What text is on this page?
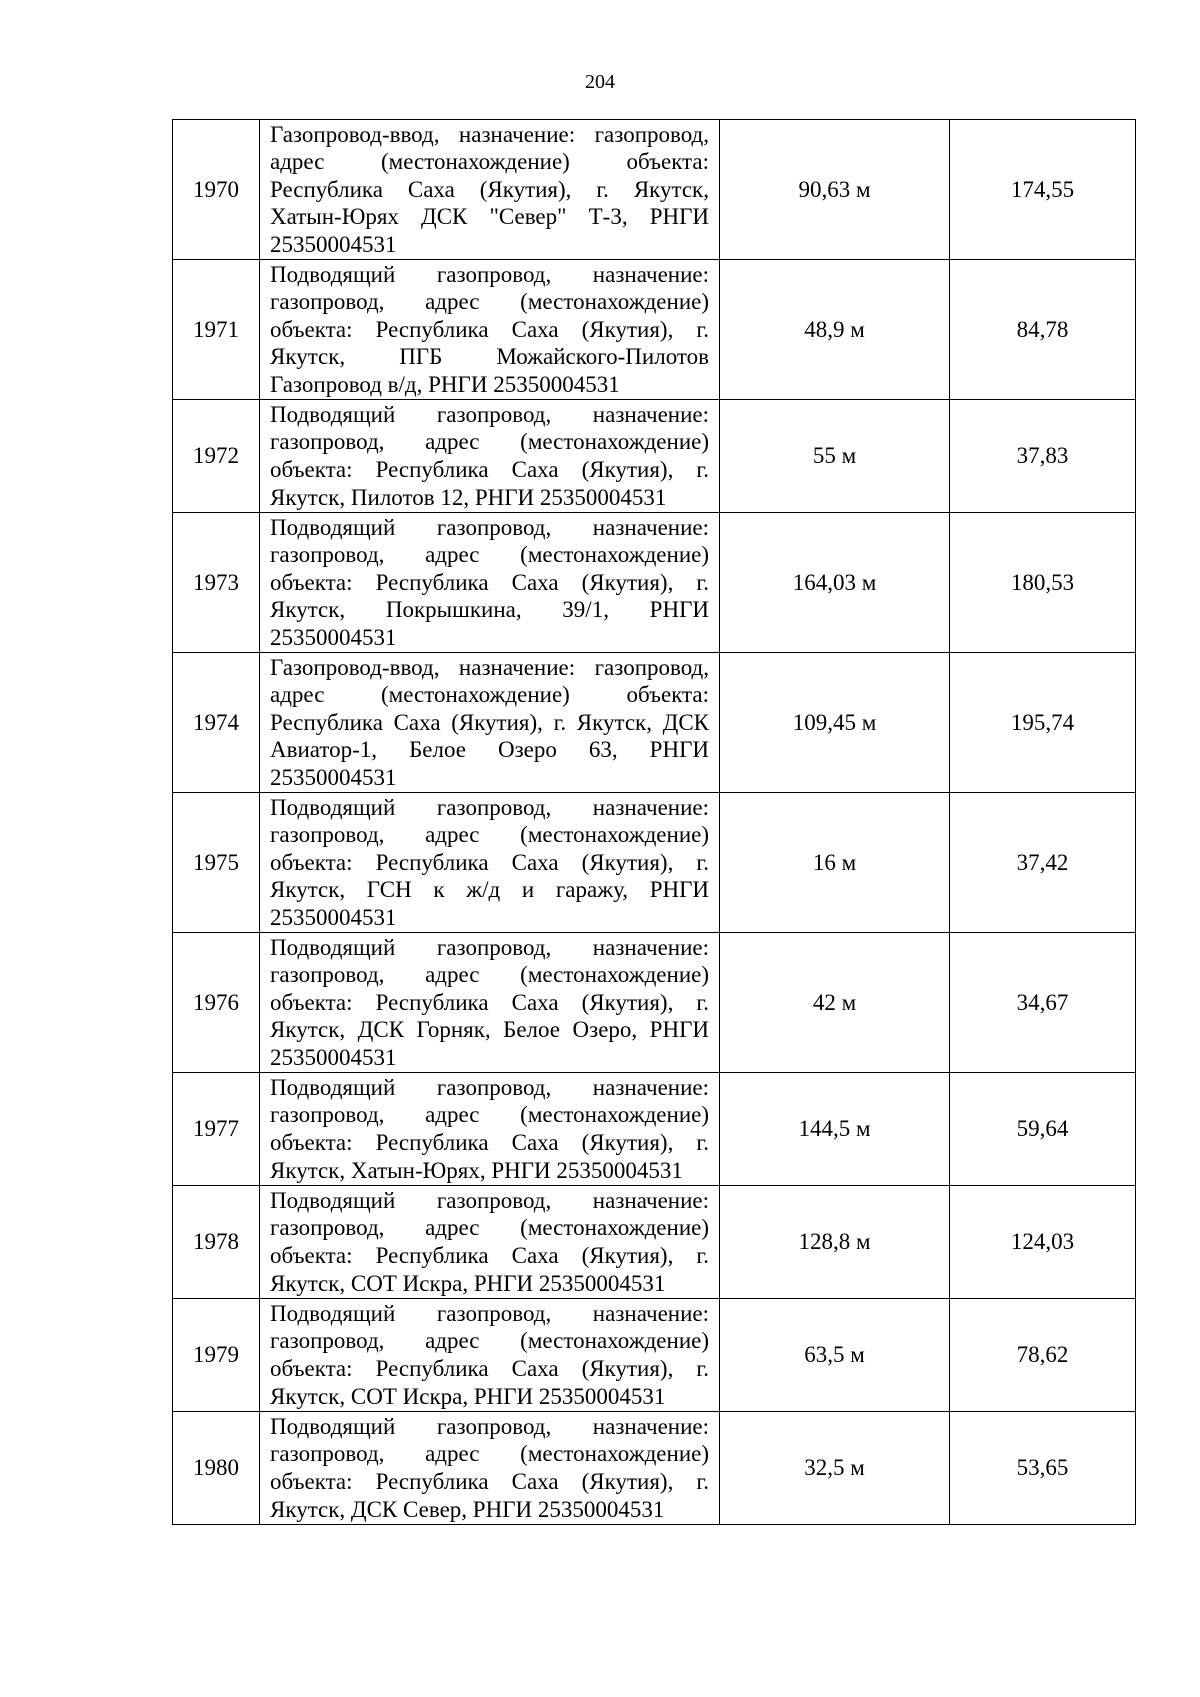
204
1970	Газопровод-ввод, назначение: газопровод, адрес (местонахождение) объекта: Республика Саха (Якутия), г. Якутск, Хатын-Юрях ДСК "Север" Т-3, РНГИ 25350004531	90,63 м	174,55
1971	Подводящий газопровод, назначение: газопровод, адрес (местонахождение) объекта: Республика Саха (Якутия), г. Якутск, ПГБ Можайского-Пилотов Газопровод в/д, РНГИ 25350004531	48,9 м	84,78
1972	Подводящий газопровод, назначение: газопровод, адрес (местонахождение) объекта: Республика Саха (Якутия), г. Якутск, Пилотов 12, РНГИ 25350004531	55 м	37,83
1973	Подводящий газопровод, назначение: газопровод, адрес (местонахождение) объекта: Республика Саха (Якутия), г. Якутск, Покрышкина, 39/1, РНГИ 25350004531	164,03 м	180,53
1974	Газопровод-ввод, назначение: газопровод, адрес (местонахождение) объекта: Республика Саха (Якутия), г. Якутск, ДСК Авиатор-1, Белое Озеро 63, РНГИ 25350004531	109,45 м	195,74
1975	Подводящий газопровод, назначение: газопровод, адрес (местонахождение) объекта: Республика Саха (Якутия), г. Якутск, ГСН к ж/д и гаражу, РНГИ 25350004531	16 м	37,42
1976	Подводящий газопровод, назначение: газопровод, адрес (местонахождение) объекта: Республика Саха (Якутия), г. Якутск, ДСК Горняк, Белое Озеро, РНГИ 25350004531	42 м	34,67
1977	Подводящий газопровод, назначение: газопровод, адрес (местонахождение) объекта: Республика Саха (Якутия), г. Якутск, Хатын-Юрях, РНГИ 25350004531	144,5 м	59,64
1978	Подводящий газопровод, назначение: газопровод, адрес (местонахождение) объекта: Республика Саха (Якутия), г. Якутск, СОТ Искра, РНГИ 25350004531	128,8 м	124,03
1979	Подводящий газопровод, назначение: газопровод, адрес (местонахождение) объекта: Республика Саха (Якутия), г. Якутск, СОТ Искра, РНГИ 25350004531	63,5 м	78,62
1980	Подводящий газопровод, назначение: газопровод, адрес (местонахождение) объекта: Республика Саха (Якутия), г. Якутск, ДСК Север, РНГИ 25350004531	32,5 м	53,65
